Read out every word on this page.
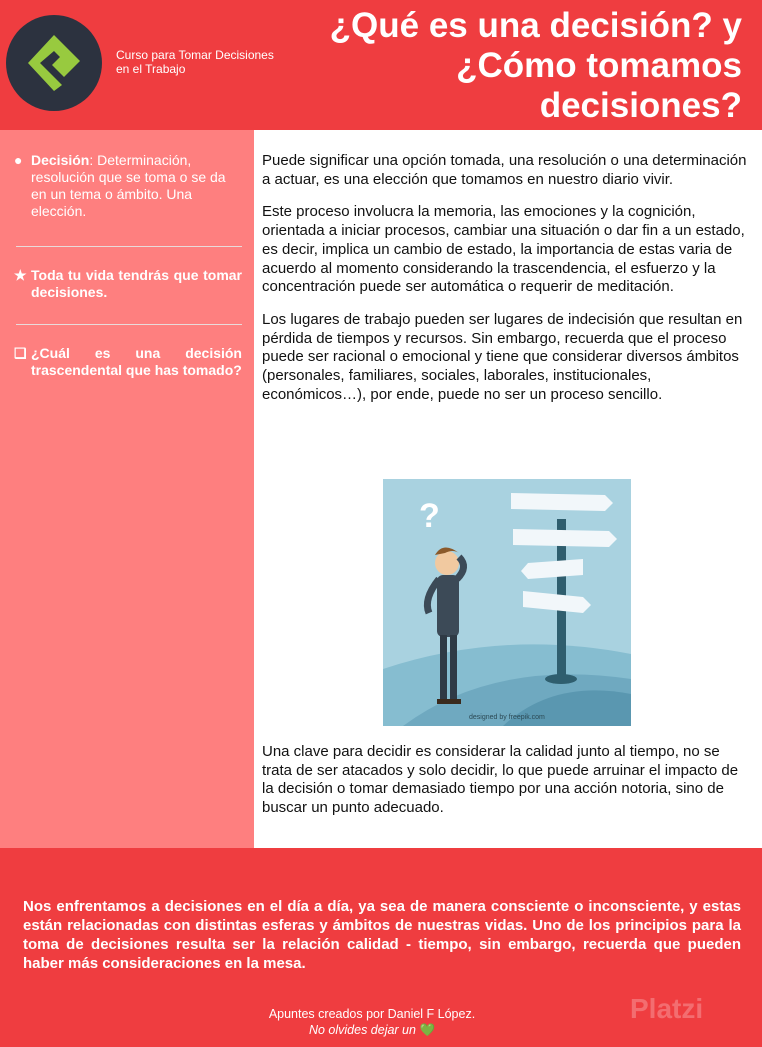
Curso para Tomar Decisiones en el Trabajo
¿Qué es una decisión? y ¿Cómo tomamos decisiones?
● Decisión: Determinación, resolución que se toma o se da en un tema o ámbito. Una elección.
★ Toda tu vida tendrás que tomar decisiones.
❑ ¿Cuál es una decisión trascendental que has tomado?

Puede significar una opción tomada, una resolución o una determinación a actuar, es una elección que tomamos en nuestro diario vivir.

Este proceso involucra la memoria, las emociones y la cognición, orientada a iniciar procesos, cambiar una situación o dar fin a un estado, es decir, implica un cambio de estado, la importancia de estas varia de acuerdo al momento considerando la trascendencia, el esfuerzo y la concentración puede ser automática o requerir de meditación.

Los lugares de trabajo pueden ser lugares de indecisión que resultan en pérdida de tiempos y recursos. Sin embargo, recuerda que el proceso puede ser racional o emocional y tiene que considerar diversos ámbitos (personales, familiares, sociales, laborales, institucionales, económicos…), por ende, puede no ser un proceso sencillo.

?
designed by freepik.com

Una clave para decidir es considerar la calidad junto al tiempo, no se trata de ser atacados y solo decidir, lo que puede arruinar el impacto de la decisión o tomar demasiado tiempo por una acción notoria, sino de buscar un punto adecuado.

Nos enfrentamos a decisiones en el día a día, ya sea de manera consciente o inconsciente, y estas están relacionadas con distintas esferas y ámbitos de nuestras vidas. Uno de los principios para la toma de decisiones resulta ser la relación calidad - tiempo, sin embargo, recuerda que pueden haber más consideraciones en la mesa.
Platzi
Apuntes creados por Daniel F López.
No olvides dejar un 💚
